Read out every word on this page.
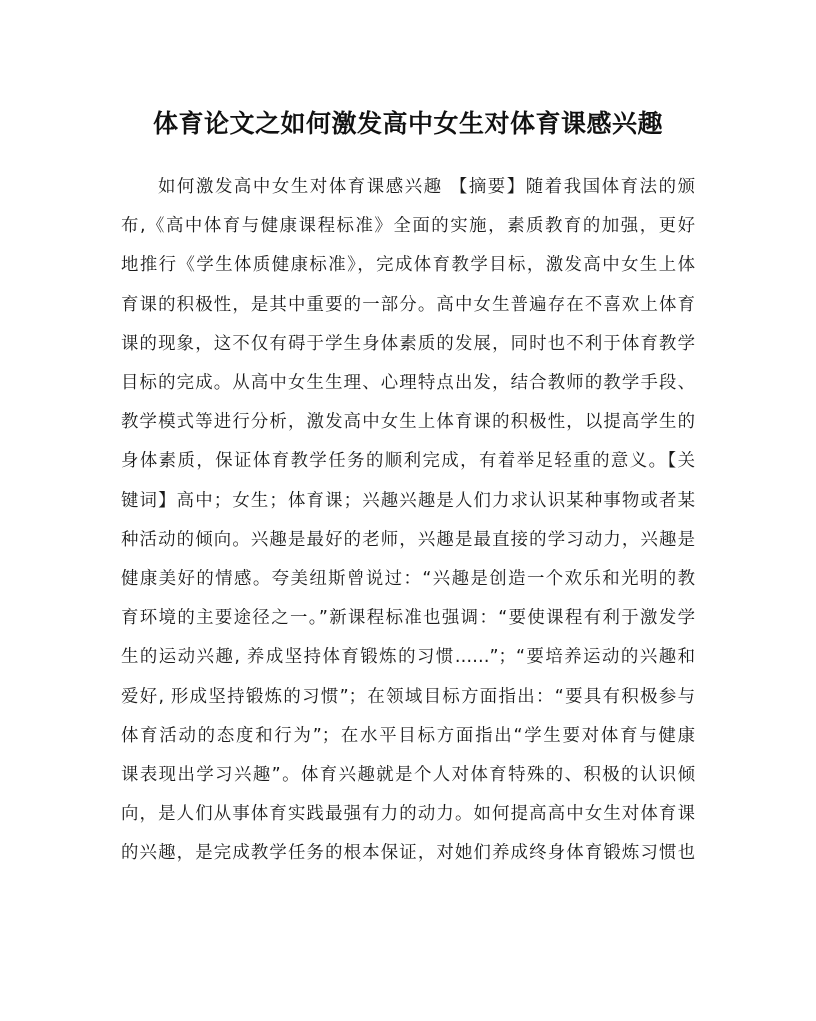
体育论文之如何激发高中女生对体育课感兴趣
如何激发高中女生对体育课感兴趣 【摘要】随着我国体育法的颁
布,《高中体育与健康课程标准》全面的实施，素质教育的加强，更好
地推行《学生体质健康标准》，完成体育教学目标，激发高中女生上体
育课的积极性，是其中重要的一部分。高中女生普遍存在不喜欢上体育
课的现象，这不仅有碍于学生身体素质的发展，同时也不利于体育教学
目标的完成。从高中女生生理、心理特点出发，结合教师的教学手段、
教学模式等进行分析，激发高中女生上体育课的积极性，以提高学生的
身体素质，保证体育教学任务的顺利完成，有着举足轻重的意义。【关
键词】高中；女生；体育课；兴趣兴趣是人们力求认识某种事物或者某
种活动的倾向。兴趣是最好的老师，兴趣是最直接的学习动力，兴趣是
健康美好的情感。夸美纽斯曾说过：“兴趣是创造一个欢乐和光明的教
育环境的主要途径之一。”新课程标准也强调：“要使课程有利于激发学
生的运动兴趣, 养成坚持体育锻炼的习惯……”；“要培养运动的兴趣和
爱好, 形成坚持锻炼的习惯”；在领域目标方面指出：“要具有积极参与
体育活动的态度和行为”；在水平目标方面指出“学生要对体育与健康
课表现出学习兴趣”。体育兴趣就是个人对体育特殊的、积极的认识倾
向，是人们从事体育实践最强有力的动力。如何提高高中女生对体育课
的兴趣，是完成教学任务的根本保证，对她们养成终身体育锻炼习惯也
